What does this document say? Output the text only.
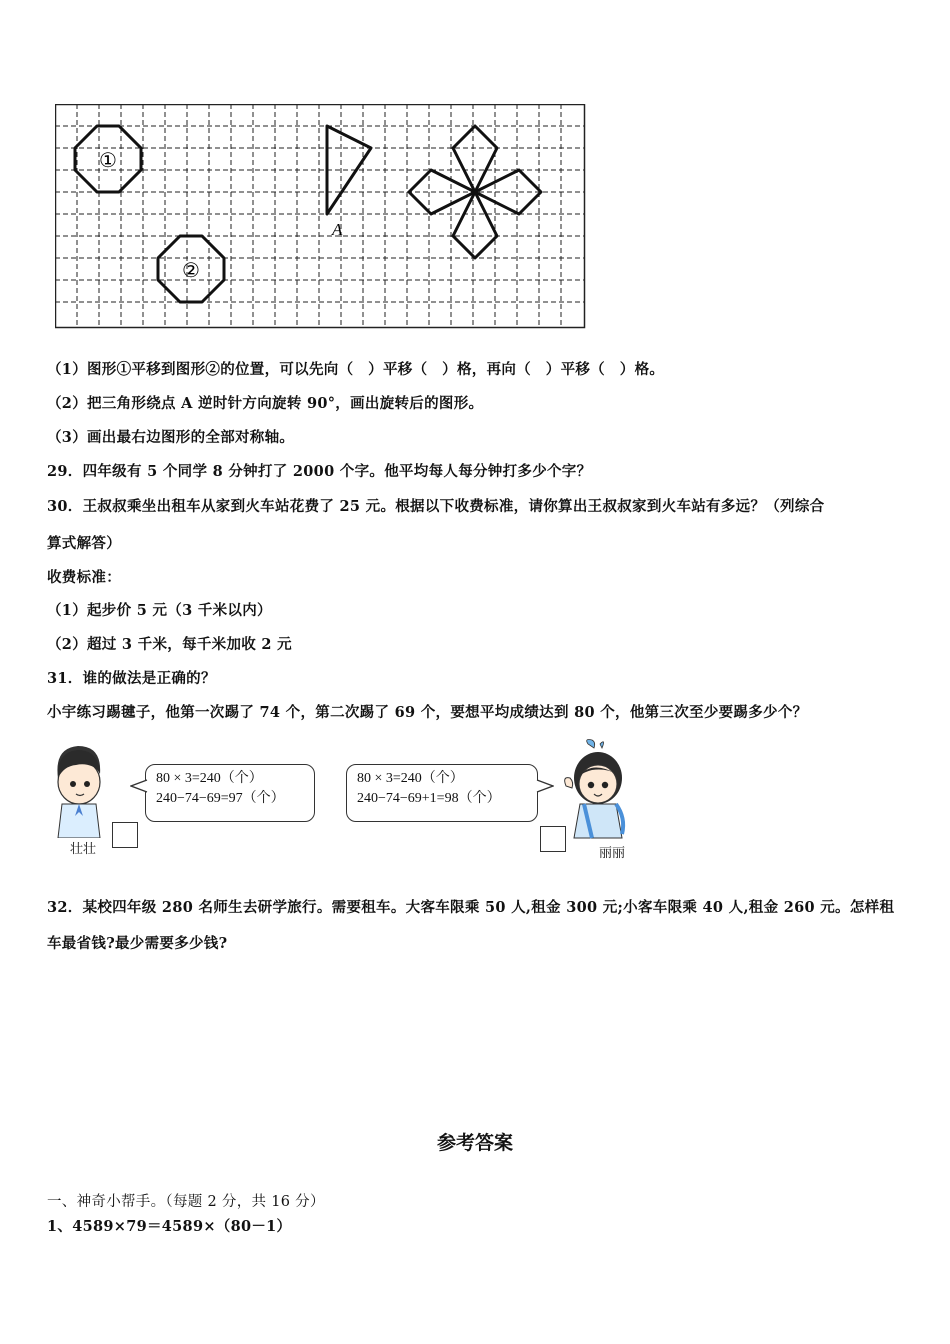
①
②
A
（1）图形①平移到图形②的位置，可以先向（　）平移（　）格，再向（　）平移（　）格。
（2）把三角形绕点 A 逆时针方向旋转 90°，画出旋转后的图形。
（3）画出最右边图形的全部对称轴。
29．四年级有 5 个同学 8 分钟打了 2000 个字。他平均每人每分钟打多少个字？
30．王叔叔乘坐出租车从家到火车站花费了 25 元。根据以下收费标准，请你算出王叔叔家到火车站有多远？（列综合
算式解答）
收费标准：
（1）起步价 5 元（3 千米以内）
（2）超过 3 千米，每千米加收 2 元
31．谁的做法是正确的？
小宇练习踢毽子，他第一次踢了 74 个，第二次踢了 69 个，要想平均成绩达到 80 个，他第三次至少要踢多少个？
壮壮
80 × 3=240（个）
240−74−69=97（个）
80 × 3=240（个）
240−74−69+1=98（个）
丽丽
32．某校四年级 280 名师生去研学旅行。需要租车。大客车限乘 50 人,租金 300 元;小客车限乘 40 人,租金 260 元。怎样租
车最省钱?最少需要多少钱?
参考答案
一、神奇小帮手。（每题 2 分，共 16 分）
1、4589×79＝4589×（80－1）
